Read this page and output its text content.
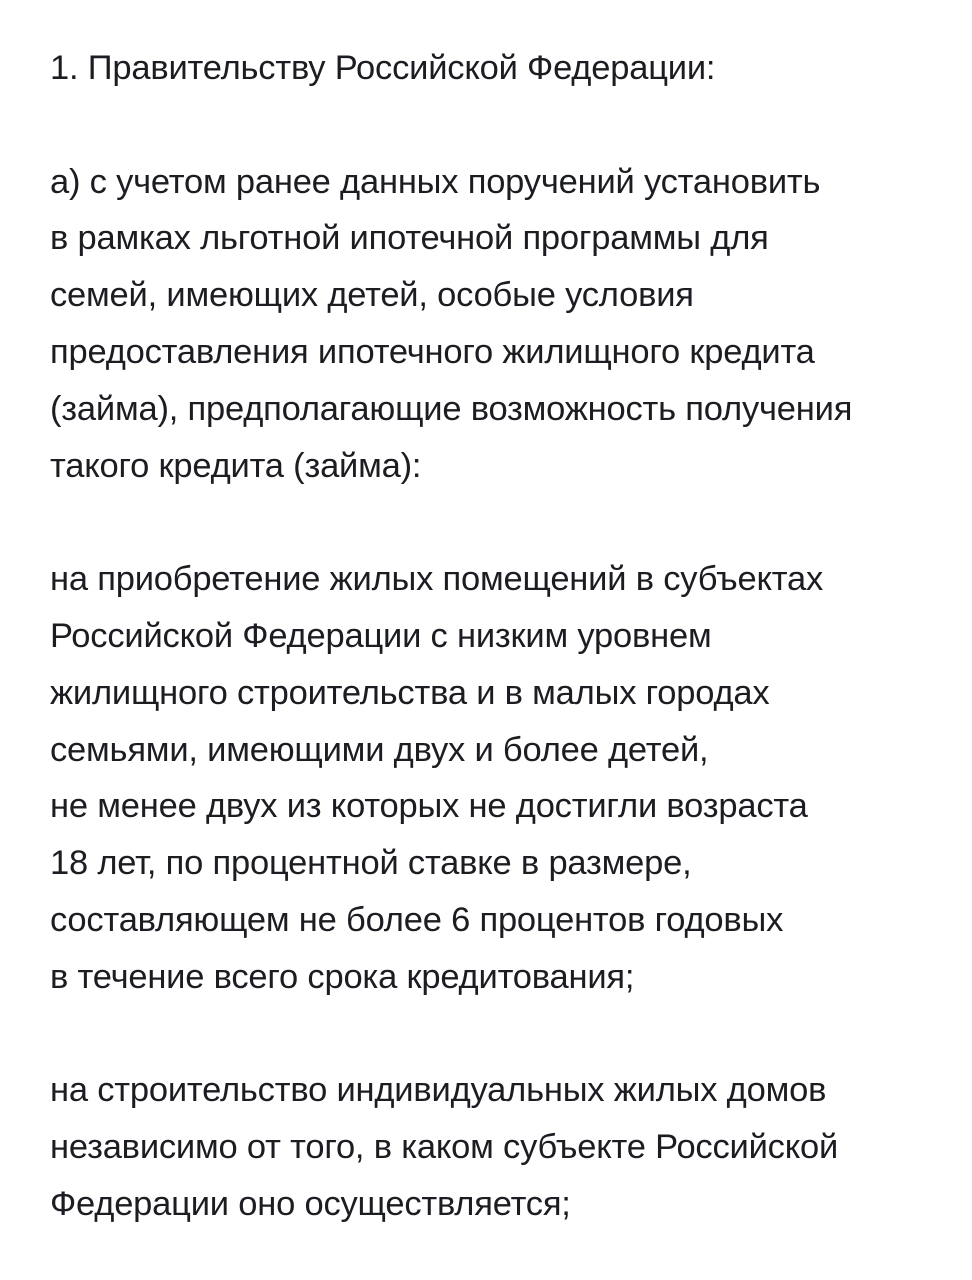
1. Правительству Российской Федерации:

а) с учетом ранее данных поручений установить
в рамках льготной ипотечной программы для
семей, имеющих детей, особые условия
предоставления ипотечного жилищного кредита
(займа), предполагающие возможность получения
такого кредита (займа):

на приобретение жилых помещений в субъектах
Российской Федерации с низким уровнем
жилищного строительства и в малых городах
семьями, имеющими двух и более детей,
не менее двух из которых не достигли возраста
18 лет, по процентной ставке в размере,
составляющем не более 6 процентов годовых
в течение всего срока кредитования;

на строительство индивидуальных жилых домов
независимо от того, в каком субъекте Российской
Федерации оно осуществляется;
